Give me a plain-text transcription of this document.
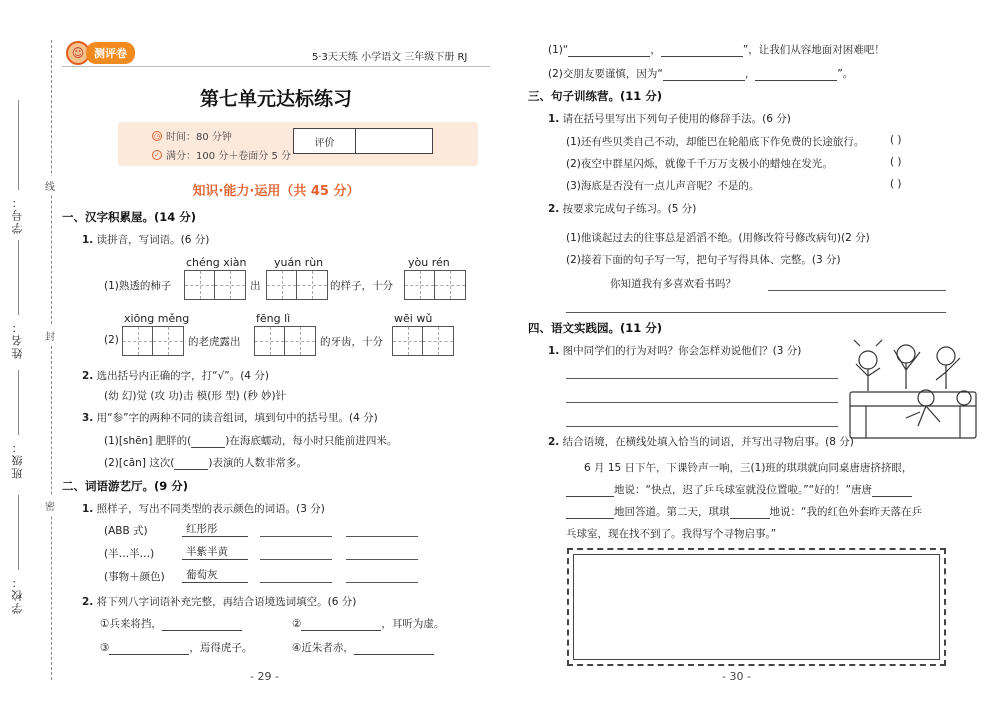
线
封
密
学号：
姓名：
班级：
学校：
☺ 测评卷	5·3天天练 小学语文 三年级下册 RJ
第七单元达标练习
◷ 时间：80 分钟
✓ 满分：100 分＋卷面分 5 分
评价
知识·能力·运用（共 45 分）
一、汉字积累屋。(14 分)
1. 读拼音，写词语。(6 分)
chéng xiàn yuán rùn	yòu rén
(1)熟透的柿子	出	的样子，十分
xiōng měng	fēng lì	wēi wǔ
(2)	的老虎露出	的牙齿，十分
2. 选出括号内正确的字，打“√”。(4 分)
(幼 幻)觉 (攻 功)击 模(形 型) (秒 妙)针
3. 用“参”字的两种不同的读音组词，填到句中的括号里。(4 分)
(1)[shēn] 肥胖的(	)在海底蠕动，每小时只能前进四米。
(2)[cān] 这次(	)表演的人数非常多。
二、词语游艺厅。(9 分)
1. 照样子，写出不同类型的表示颜色的词语。(3 分)
(ABB 式)	红彤彤
(半…半…)	半紫半黄
(事物＋颜色)	葡萄灰
2. 将下列八字词语补充完整，再结合语境选词填空。(6 分)
①兵来将挡，	②	，耳听为虚。
③	，焉得虎子。	④近朱者赤，
- 29 -
(1)“	，	”，让我们从容地面对困难吧！
(2)交朋友要谨慎，因为“	，	”。
三、句子训练营。(11 分)
1. 请在括号里写出下列句子使用的修辞手法。(6 分)
(1)还有些贝类自己不动，却能巴在轮船底下作免费的长途旅行。 ( )
(2)夜空中群星闪烁，就像千千万万支极小的蜡烛在发光。	( )
(3)海底是否没有一点儿声音呢？不是的。	( )
2. 按要求完成句子练习。(5 分)
(1)他谈起过去的往事总是滔滔不绝。(用修改符号修改病句)(2 分)
(2)接着下面的句子写一写，把句子写得具体、完整。(3 分)
你知道我有多喜欢看书吗？
四、语文实践园。(11 分)
1. 图中同学们的行为对吗？你会怎样劝说他们？(3 分)
2. 结合语境，在横线处填入恰当的词语，并写出寻物启事。(8 分)
6 月 15 日下午，下课铃声一响，三(1)班的琪琪就向同桌唐唐挤挤眼，
地说：“快点，迟了乒乓球室就没位置啦。”“好的！”唐唐
地回答道。第二天，琪琪	地说：“我的红色外套昨天落在乒
乓球室，现在找不到了。我得写个寻物启事。”
- 30 -
